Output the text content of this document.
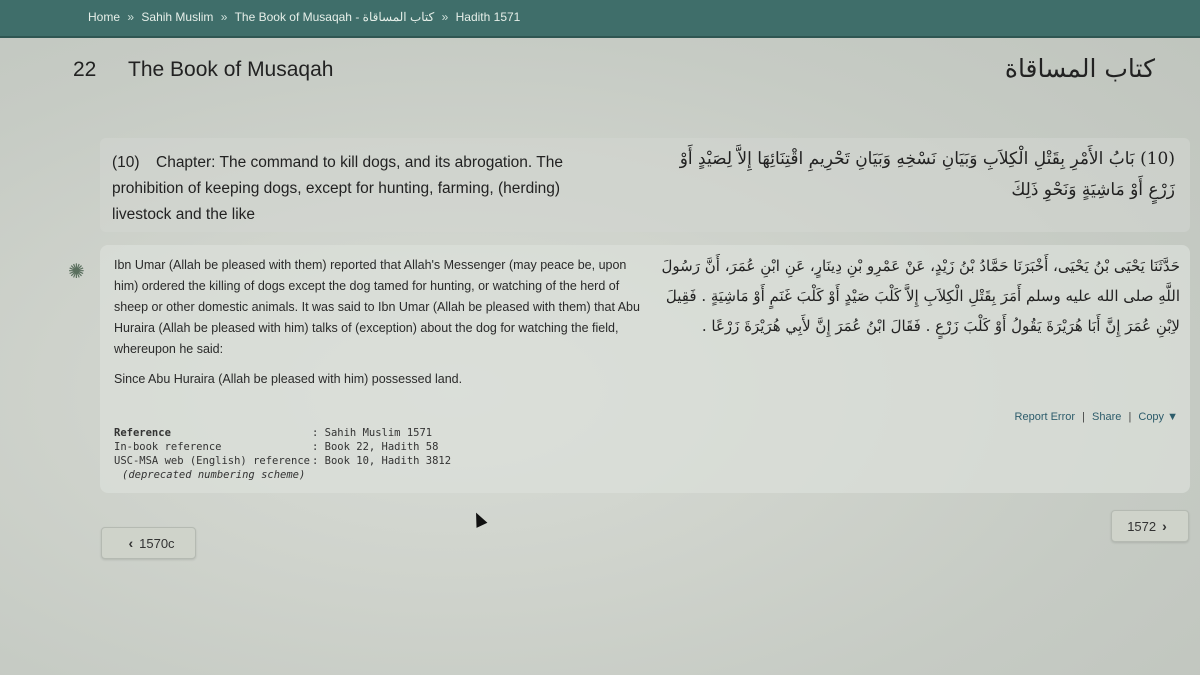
Home » Sahih Muslim » The Book of Musaqah - كتاب المساقاة » Hadith 1571
22 The Book of Musaqah	كتاب المساقاة
(10) Chapter: The command to kill dogs, and its abrogation. The prohibition of keeping dogs, except for hunting, farming, (herding) livestock and the like
(10) بَابُ الأَمْرِ بِقَتْلِ الْكِلاَبِ وَبَيَانِ نَسْخِهِ وَبَيَانِ تَحْرِيمِ اقْتِنَائِهَا إِلاَّ لِصَيْدٍ أَوْ زَرْعٍ أَوْ مَاشِيَةٍ وَنَحْوِ ذَلِكَ
✺ Ibn Umar (Allah be pleased with them) reported that Allah's Messenger (may peace be, upon him) ordered the killing of dogs except the dog tamed for hunting, or watching of the herd of sheep or other domestic animals. It was said to Ibn Umar (Allah be pleased with them) that Abu Huraira (Allah be pleased with him) talks of (exception) about the dog for watching the field, whereupon he said:

Since Abu Huraira (Allah be pleased with him) possessed land.

حَدَّثَنَا يَحْيَى بْنُ يَحْيَى، أَخْبَرَنَا حَمَّادُ بْنُ زَيْدٍ، عَنْ عَمْرِو بْنِ دِينَارٍ، عَنِ ابْنِ عُمَرَ، أَنَّ رَسُولَ اللَّهِ صلى الله عليه وسلم أَمَرَ بِقَتْلِ الْكِلاَبِ إِلاَّ كَلْبَ صَيْدٍ أَوْ كَلْبَ غَنَمٍ أَوْ مَاشِيَةٍ ‏.‏ فَقِيلَ لاِبْنِ عُمَرَ إِنَّ أَبَا هُرَيْرَةَ يَقُولُ أَوْ كَلْبَ زَرْعٍ ‏.‏ فَقَالَ ابْنُ عُمَرَ إِنَّ لأَبِي هُرَيْرَةَ زَرْعًا ‏.‏
Report Error | Share | Copy ▼
Reference	: Sahih Muslim 1571
In-book reference	: Book 22, Hadith 58
USC-MSA web (English) reference	: Book 10, Hadith 3812
(deprecated numbering scheme)	
‹ 1570c
1572 ›
